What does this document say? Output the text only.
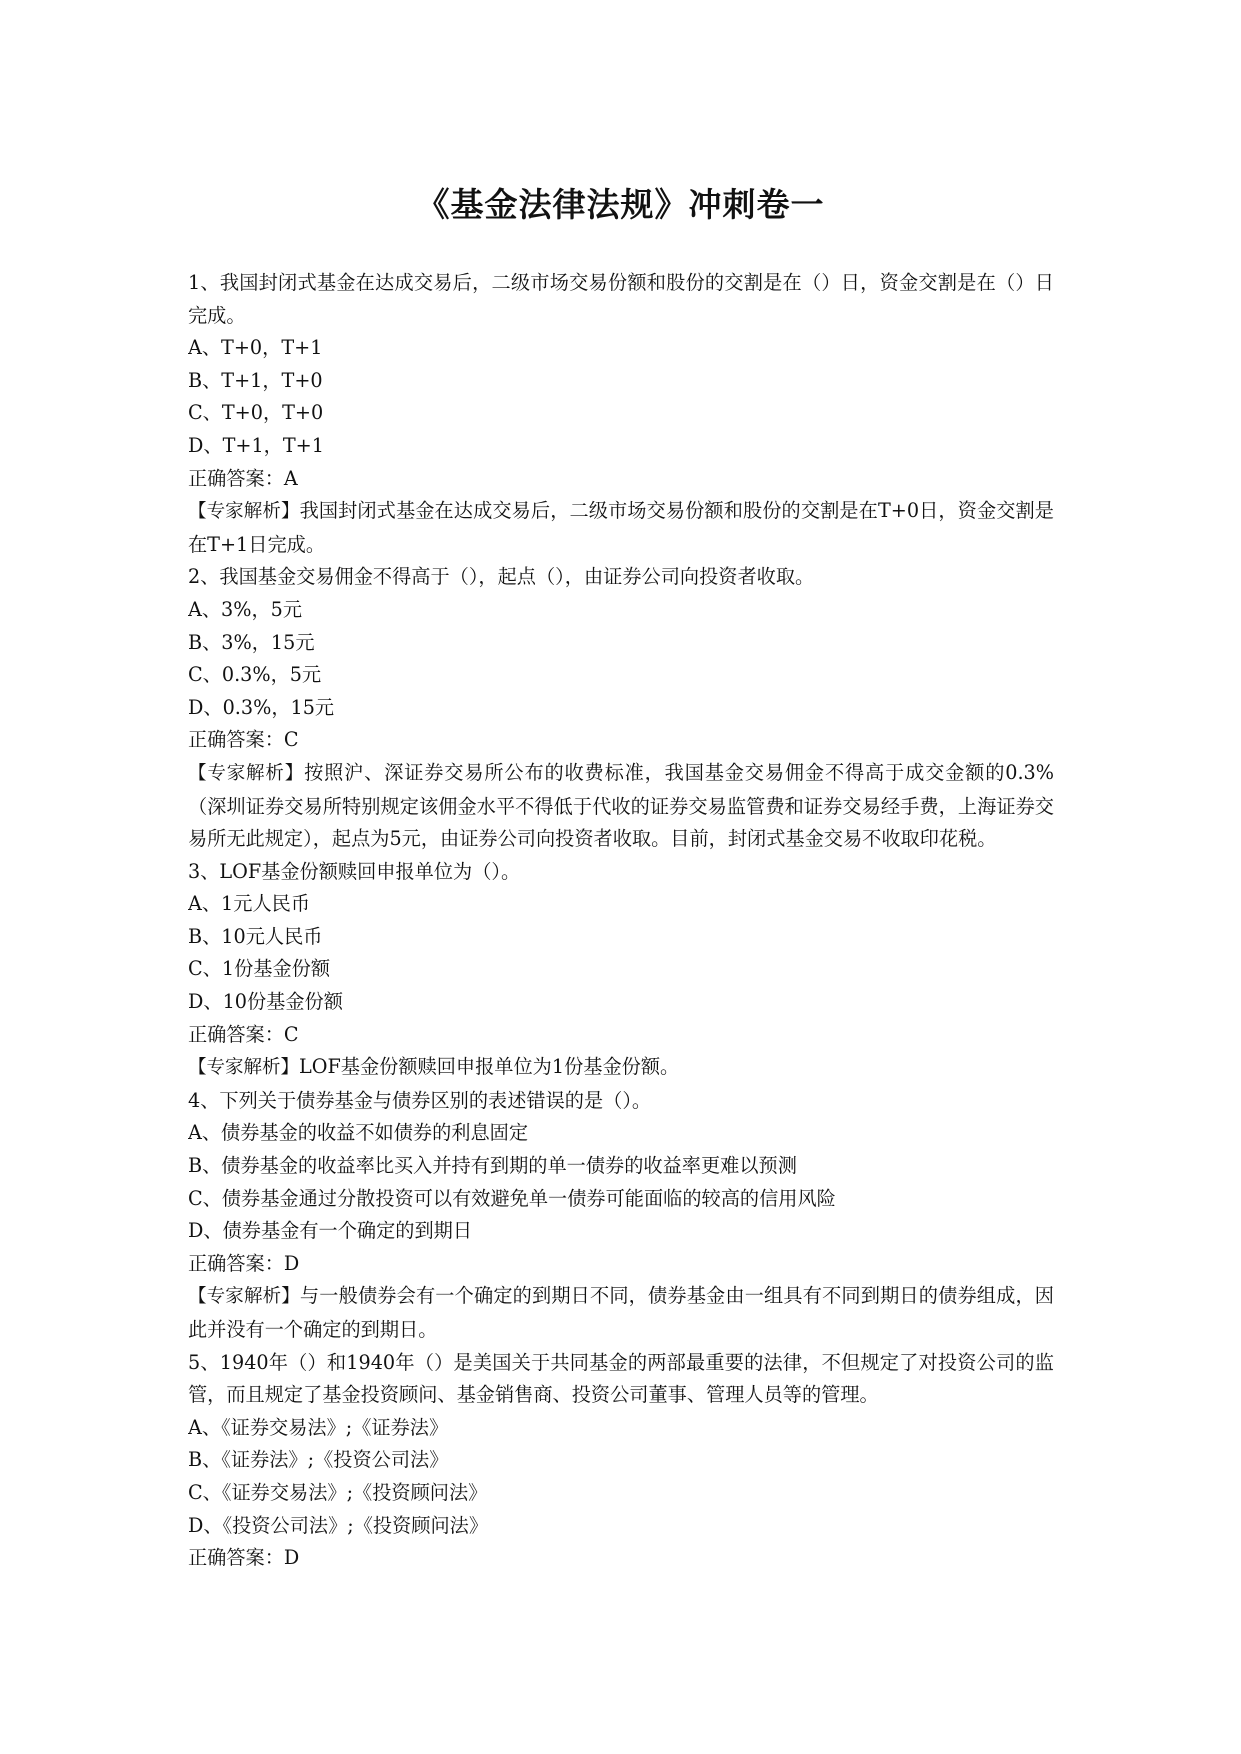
《基金法律法规》冲刺卷一

1、我国封闭式基金在达成交易后，二级市场交易份额和股份的交割是在（）日，资金交割是在（）日完成。

A、T+0，T+1

B、T+1，T+0

C、T+0，T+0

D、T+1，T+1

正确答案：A

【专家解析】我国封闭式基金在达成交易后，二级市场交易份额和股份的交割是在T+0日，资金交割是在T+1日完成。

2、我国基金交易佣金不得高于（），起点（），由证券公司向投资者收取。

A、3%，5元

B、3%，15元

C、0.3%，5元

D、0.3%，15元

正确答案：C

【专家解析】按照沪、深证券交易所公布的收费标准，我国基金交易佣金不得高于成交金额的0.3%（深圳证券交易所特别规定该佣金水平不得低于代收的证券交易监管费和证券交易经手费，上海证券交易所无此规定），起点为5元，由证券公司向投资者收取。目前，封闭式基金交易不收取印花税。

3、LOF基金份额赎回申报单位为（）。

A、1元人民币

B、10元人民币

C、1份基金份额

D、10份基金份额

正确答案：C

【专家解析】LOF基金份额赎回申报单位为1份基金份额。

4、下列关于债券基金与债券区别的表述错误的是（）。

A、债券基金的收益不如债券的利息固定

B、债券基金的收益率比买入并持有到期的单一债券的收益率更难以预测

C、债券基金通过分散投资可以有效避免单一债券可能面临的较高的信用风险

D、债券基金有一个确定的到期日

正确答案：D

【专家解析】与一般债券会有一个确定的到期日不同，债券基金由一组具有不同到期日的债券组成，因此并没有一个确定的到期日。

5、1940年（）和1940年（）是美国关于共同基金的两部最重要的法律，不但规定了对投资公司的监管，而且规定了基金投资顾问、基金销售商、投资公司董事、管理人员等的管理。

A、《证券交易法》;《证券法》

B、《证券法》;《投资公司法》

C、《证券交易法》;《投资顾问法》

D、《投资公司法》;《投资顾问法》

正确答案：D
